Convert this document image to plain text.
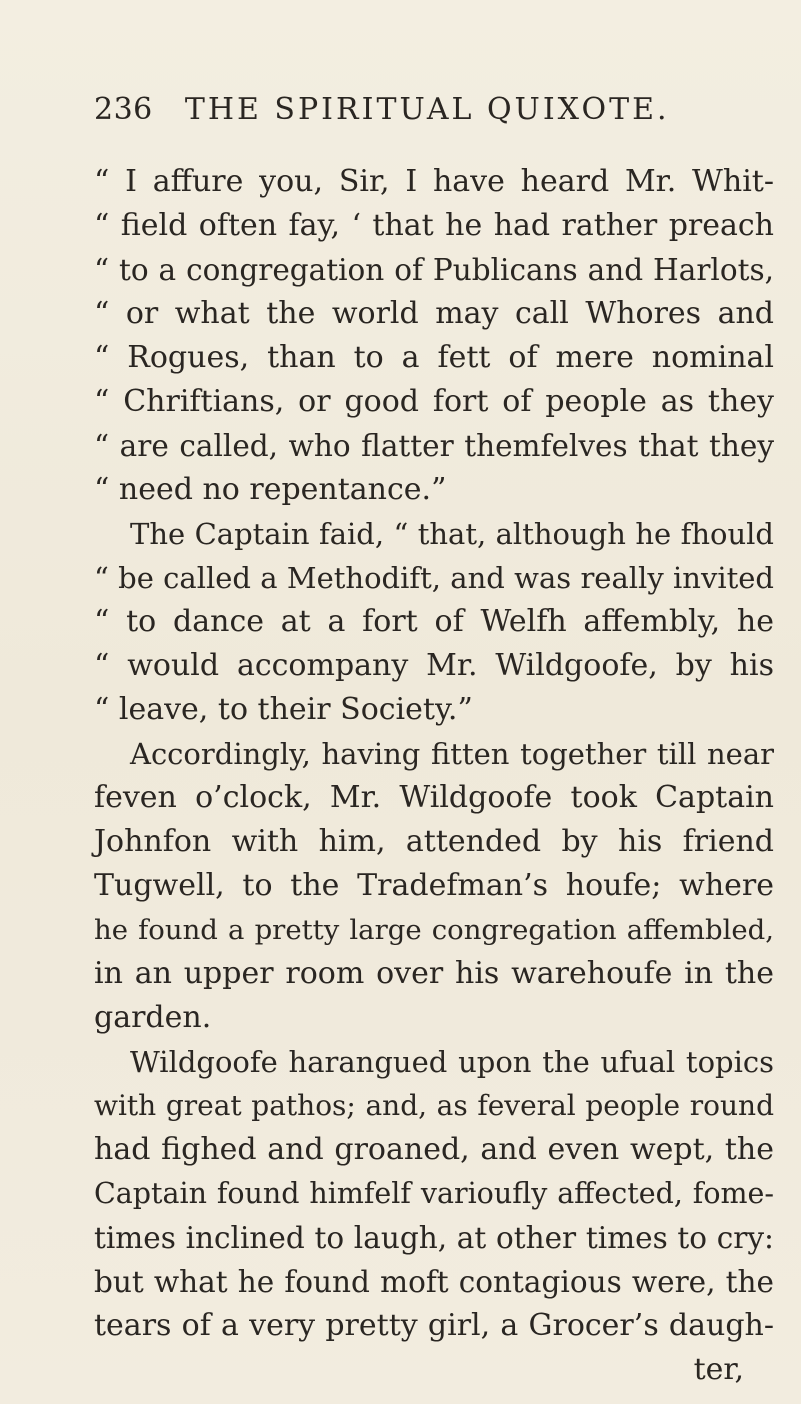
236 THE SPIRITUAL QUIXOTE.
“ I affure you, Sir, I have heard Mr. Whit-
“ field often fay, ‘ that he had rather preach
“ to a congregation of Publicans and Harlots,
“ or what the world may call Whores and
“ Rogues, than to a fett of mere nominal
“ Chriftians, or good fort of people as they
“ are called, who flatter themfelves that they
“ need no repentance.”
The Captain faid, “ that, although he fhould
“ be called a Methodift, and was really invited
“ to dance at a fort of Welfh affembly, he
“ would accompany Mr. Wildgoofe, by his
“ leave, to their Society.”
Accordingly, having fitten together till near
feven o’clock, Mr. Wildgoofe took Captain
Johnfon with him, attended by his friend
Tugwell, to the Tradefman’s houfe; where
he found a pretty large congregation affembled,
in an upper room over his warehoufe in the
garden.
Wildgoofe harangued upon the ufual topics
with great pathos; and, as feveral people round
had fighed and groaned, and even wept, the
Captain found himfelf varioufly affected, fome-
times inclined to laugh, at other times to cry:
but what he found moft contagious were, the
tears of a very pretty girl, a Grocer’s daugh-
ter,
